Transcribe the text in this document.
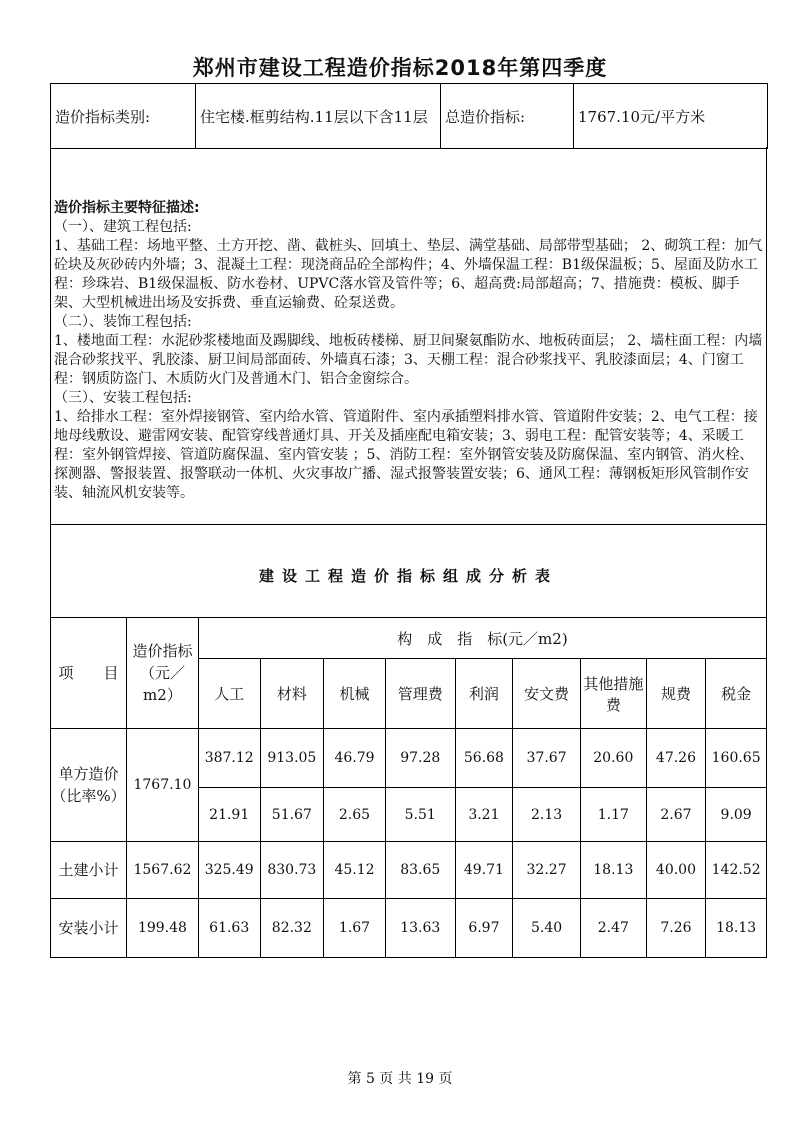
郑州市建设工程造价指标2018年第四季度
造价指标类别:	住宅楼.框剪结构.11层以下含11层	总造价指标:	1767.10元/平方米

造价指标主要特征描述:

（一）、建筑工程包括:

1、基础工程：场地平整、土方开挖、凿、截桩头、回填土、垫层、满堂基础、局部带型基础； 2、砌筑工程：加气砼块及灰砂砖内外墙；3、混凝土工程：现浇商品砼全部构件；4、外墙保温工程：B1级保温板；5、屋面及防水工程：珍珠岩、B1级保温板、防水卷材、UPVC落水管及管件等；6、超高费:局部超高；7、措施费：模板、脚手架、大型机械进出场及安拆费、垂直运输费、砼泵送费。

（二）、装饰工程包括:

1、楼地面工程：水泥砂浆楼地面及踢脚线、地板砖楼梯、厨卫间聚氨酯防水、地板砖面层； 2、墙柱面工程：内墙混合砂浆找平、乳胶漆、厨卫间局部面砖、外墙真石漆；3、天棚工程：混合砂浆找平、乳胶漆面层；4、门窗工程：钢质防盗门、木质防火门及普通木门、铝合金窗综合。

（三）、安装工程包括:

1、给排水工程：室外焊接钢管、室内给水管、管道附件、室内承插塑料排水管、管道附件安装；2、电气工程：接地母线敷设、避雷网安装、配管穿线普通灯具、开关及插座配电箱安装；3、弱电工程：配管安装等；4、采暖工程：室外钢管焊接、管道防腐保温、室内管安装 ；5、消防工程：室外钢管安装及防腐保温、室内钢管、消火栓、探测器、警报装置、报警联动一体机、火灾事故广播、湿式报警装置安装；6、通风工程：薄钢板矩形风管制作安装、轴流风机安装等。

建设工程造价指标组成分析表
项　　目	造价指标（元／m2）	构　成　指　标(元／m2)								
		人工	材料	机械	管理费	利润	安文费	其他措施费	规费	税金
单方造价（比率%）	1767.10	387.12	913.05	46.79	97.28	56.68	37.67	20.60	47.26	160.65
		21.91	51.67	2.65	5.51	3.21	2.13	1.17	2.67	9.09
土建小计	1567.62	325.49	830.73	45.12	83.65	49.71	32.27	18.13	40.00	142.52
安装小计	199.48	61.63	82.32	1.67	13.63	6.97	5.40	2.47	7.26	18.13
第 5 页 共 19 页
